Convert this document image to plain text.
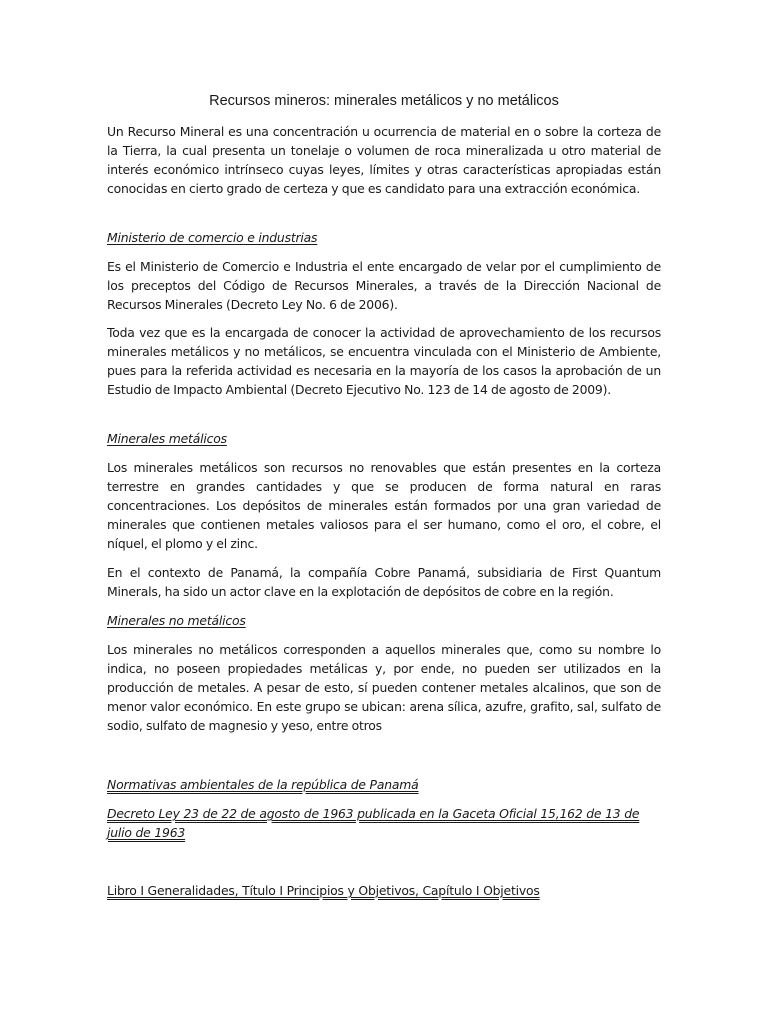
Recursos mineros: minerales metálicos y no metálicos

Un Recurso Mineral es una concentración u ocurrencia de material en o sobre la corteza de la Tierra, la cual presenta un tonelaje o volumen de roca mineralizada u otro material de interés económico intrínseco cuyas leyes, límites y otras características apropiadas están conocidas en cierto grado de certeza y que es candidato para una extracción económica.

Ministerio de comercio e industrias

Es el Ministerio de Comercio e Industria el ente encargado de velar por el cumplimiento de los preceptos del Código de Recursos Minerales, a través de la Dirección Nacional de Recursos Minerales (Decreto Ley No. 6 de 2006).

Toda vez que es la encargada de conocer la actividad de aprovechamiento de los recursos minerales metálicos y no metálicos, se encuentra vinculada con el Ministerio de Ambiente, pues para la referida actividad es necesaria en la mayoría de los casos la aprobación de un Estudio de Impacto Ambiental (Decreto Ejecutivo No. 123 de 14 de agosto de 2009).

Minerales metálicos

Los minerales metálicos son recursos no renovables que están presentes en la corteza terrestre en grandes cantidades y que se producen de forma natural en raras concentraciones. Los depósitos de minerales están formados por una gran variedad de minerales que contienen metales valiosos para el ser humano, como el oro, el cobre, el níquel, el plomo y el zinc.

En el contexto de Panamá, la compañía Cobre Panamá, subsidiaria de First Quantum Minerals, ha sido un actor clave en la explotación de depósitos de cobre en la región.

Minerales no metálicos

Los minerales no metálicos corresponden a aquellos minerales que, como su nombre lo indica, no poseen propiedades metálicas y, por ende, no pueden ser utilizados en la producción de metales. A pesar de esto, sí pueden contener metales alcalinos, que son de menor valor económico. En este grupo se ubican: arena sílica, azufre, grafito, sal, sulfato de sodio, sulfato de magnesio y yeso, entre otros

Normativas ambientales de la república de Panamá

Decreto Ley 23 de 22 de agosto de 1963 publicada en la Gaceta Oficial 15,162 de 13 de julio de 1963

Libro I Generalidades, Título I Principios y Objetivos, Capítulo I Objetivos
